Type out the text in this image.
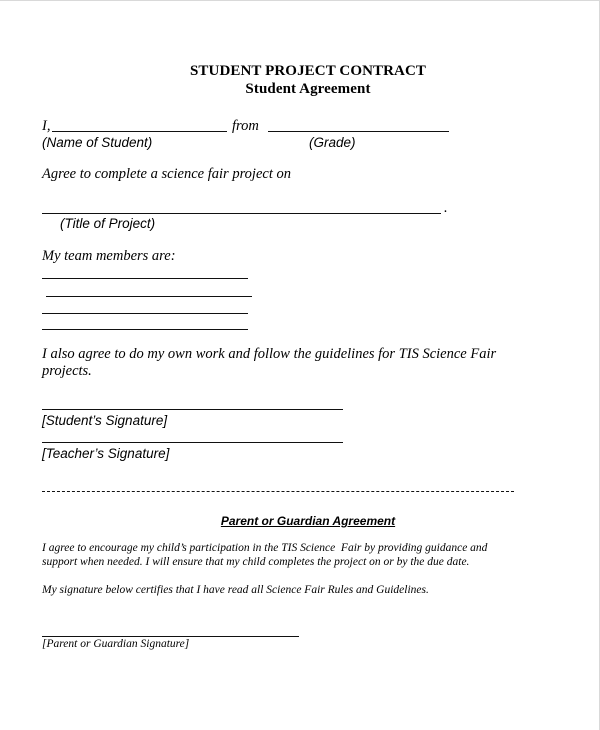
STUDENT PROJECT CONTRACT
Student Agreement
I,	from
(Name of Student)	(Grade)
Agree to complete a science fair project on
.
(Title of Project)
My team members are:
I also agree to do my own work and follow the guidelines for TIS Science Fair
projects.
[Student’s Signature]
[Teacher’s Signature]
Parent or Guardian Agreement
I agree to encourage my child’s participation in the TIS Science  Fair by providing guidance and
support when needed. I will ensure that my child completes the project on or by the due date.
My signature below certifies that I have read all Science Fair Rules and Guidelines.
[Parent or Guardian Signature]
